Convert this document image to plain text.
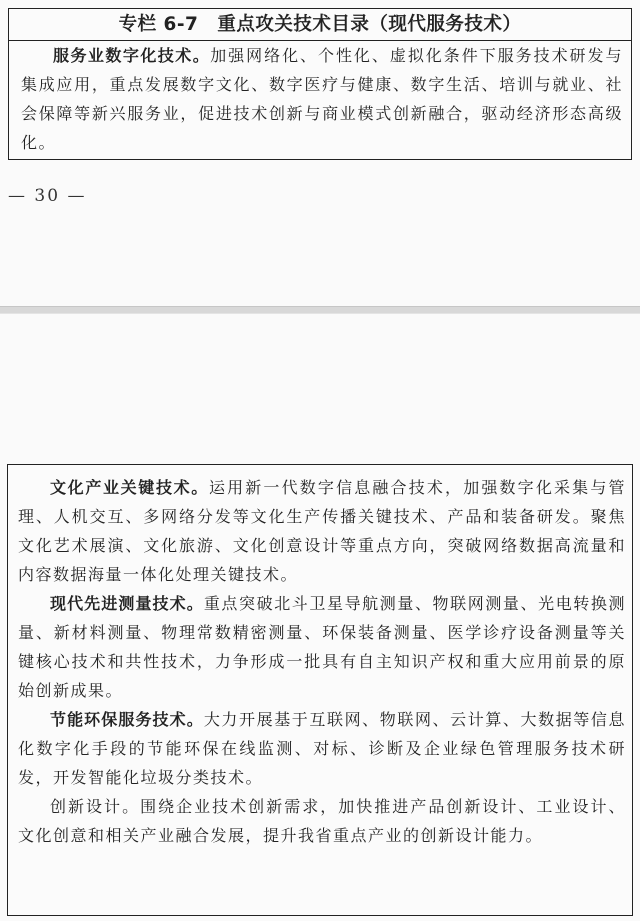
专栏 6-7　重点攻关技术目录（现代服务技术）

服务业数字化技术。加强网络化、个性化、虚拟化条件下服务技术研发与集成应用，重点发展数字文化、数字医疗与健康、数字生活、培训与就业、社会保障等新兴服务业，促进技术创新与商业模式创新融合，驱动经济形态高级化。

— 30 —

文化产业关键技术。运用新一代数字信息融合技术，加强数字化采集与管理、人机交互、多网络分发等文化生产传播关键技术、产品和装备研发。聚焦文化艺术展演、文化旅游、文化创意设计等重点方向，突破网络数据高流量和内容数据海量一体化处理关键技术。

现代先进测量技术。重点突破北斗卫星导航测量、物联网测量、光电转换测量、新材料测量、物理常数精密测量、环保装备测量、医学诊疗设备测量等关键核心技术和共性技术，力争形成一批具有自主知识产权和重大应用前景的原始创新成果。

节能环保服务技术。大力开展基于互联网、物联网、云计算、大数据等信息化数字化手段的节能环保在线监测、对标、诊断及企业绿色管理服务技术研发，开发智能化垃圾分类技术。

创新设计。围绕企业技术创新需求，加快推进产品创新设计、工业设计、文化创意和相关产业融合发展，提升我省重点产业的创新设计能力。
